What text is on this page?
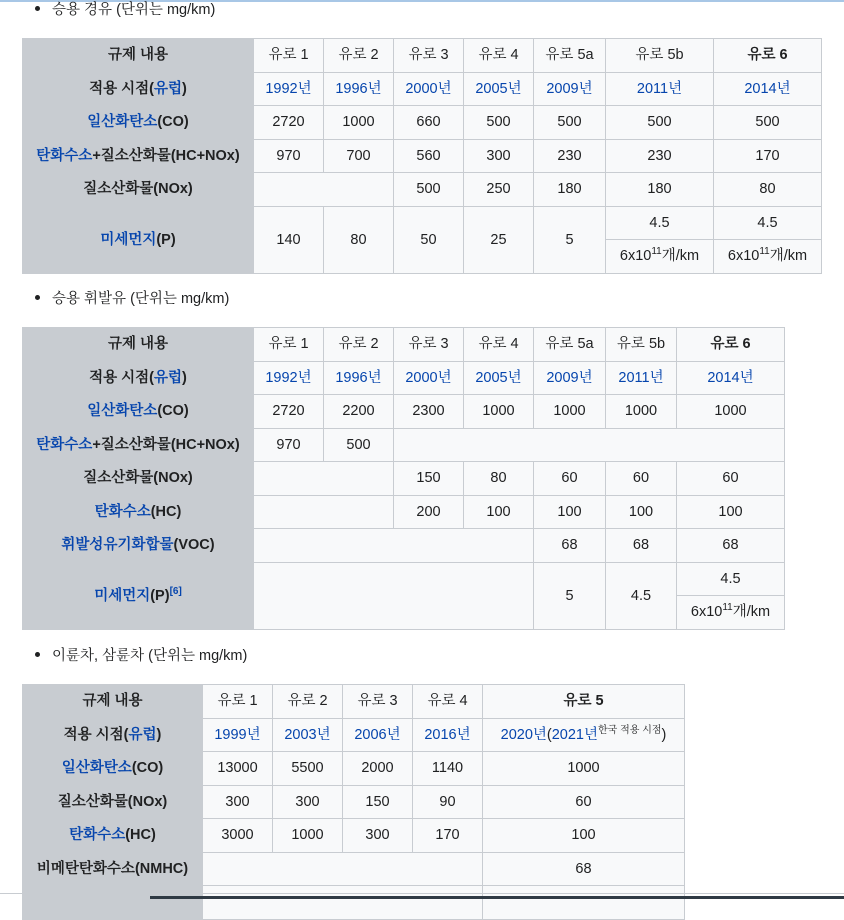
승용 경유 (단위는 mg/km)
규제 내용	유로 1	유로 2	유로 3	유로 4	유로 5a	유로 5b	유로 6
적용 시점(유럽)	1992년	1996년	2000년	2005년	2009년	2011년	2014년
일산화탄소(CO)	2720	1000	660	500	500	500	500
탄화수소+질소산화물(HC+NOx)	970	700	560	300	230	230	170
질소산화물(NOx)			500	250	180	180	80
미세먼지(P)	140	80	50	25	5	4.5	4.5
						$6x10^{11}$개/km	$6x10^{11}$개/km
승용 휘발유 (단위는 mg/km)
규제 내용	유로 1	유로 2	유로 3	유로 4	유로 5a	유로 5b	유로 6
적용 시점(유럽)	1992년	1996년	2000년	2005년	2009년	2011년	2014년
일산화탄소(CO)	2720	2200	2300	1000	1000	1000	1000
탄화수소+질소산화물(HC+NOx)	970	500					
질소산화물(NOx)			150	80	60	60	60
탄화수소(HC)			200	100	100	100	100
휘발성유기화합물(VOC)					68	68	68
미세먼지(P)[6]					5	4.5	4.5
							$6x10^{11}$개/km
이륜차, 삼륜차 (단위는 mg/km)
규제 내용	유로 1	유로 2	유로 3	유로 4	유로 5
적용 시점(유럽)	1999년	2003년	2006년	2016년	2020년(2021년$^{한국 적용 시점}$)
일산화탄소(CO)	13000	5500	2000	1140	1000
질소산화물(NOx)	300	300	150	90	60
탄화수소(HC)	3000	1000	300	170	100
비메탄탄화수소(NMHC)					68
